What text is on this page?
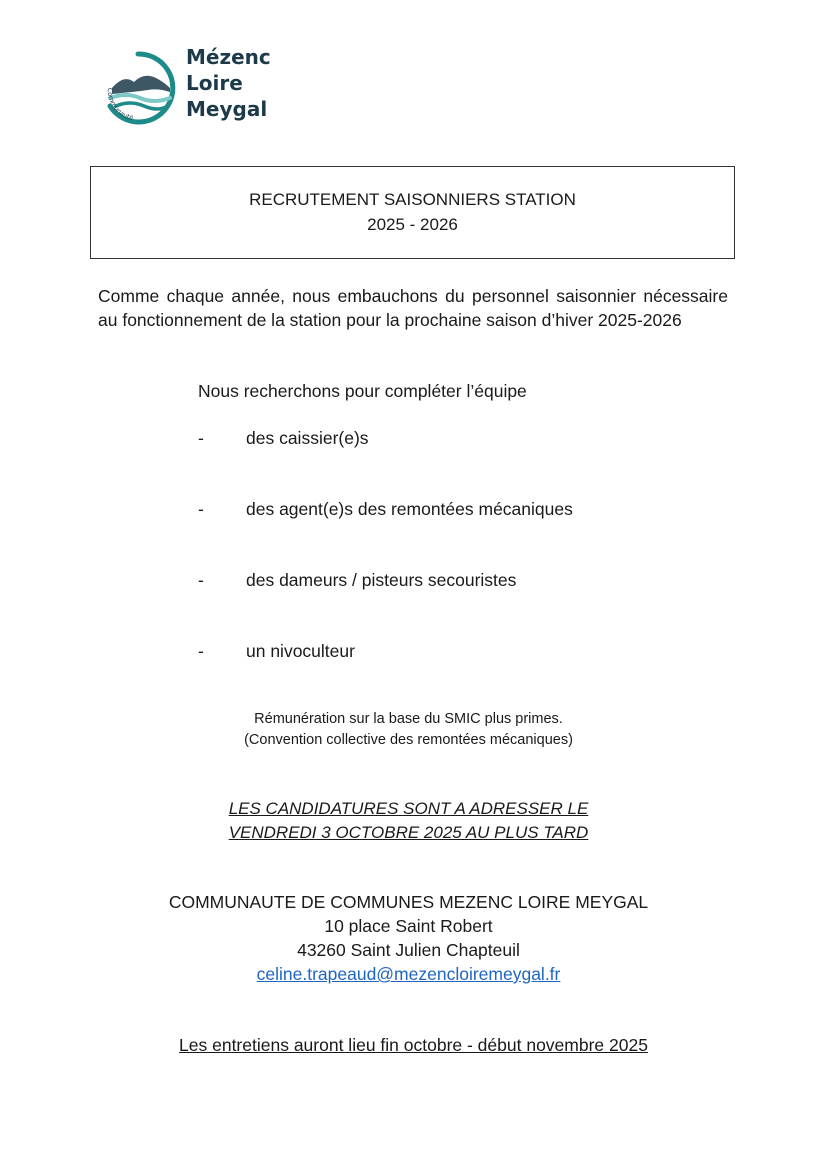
Communauté
Mézenc
Loire
Meygal
RECRUTEMENT SAISONNIERS STATION
2025 - 2026
Comme chaque année, nous embauchons du personnel saisonnier nécessaire au fonctionnement de la station pour la prochaine saison d’hiver 2025-2026
Nous recherchons pour compléter l’équipe
- des caissier(e)s
- des agent(e)s des remontées mécaniques
- des dameurs / pisteurs secouristes
- un nivoculteur
Rémunération sur la base du SMIC plus primes.
(Convention collective des remontées mécaniques)
LES CANDIDATURES SONT A ADRESSER LE
VENDREDI 3 OCTOBRE 2025 AU PLUS TARD
COMMUNAUTE DE COMMUNES MEZENC LOIRE MEYGAL
10 place Saint Robert
43260 Saint Julien Chapteuil
celine.trapeaud@mezencloiremeygal.fr
Les entretiens auront lieu fin octobre - début novembre 2025
